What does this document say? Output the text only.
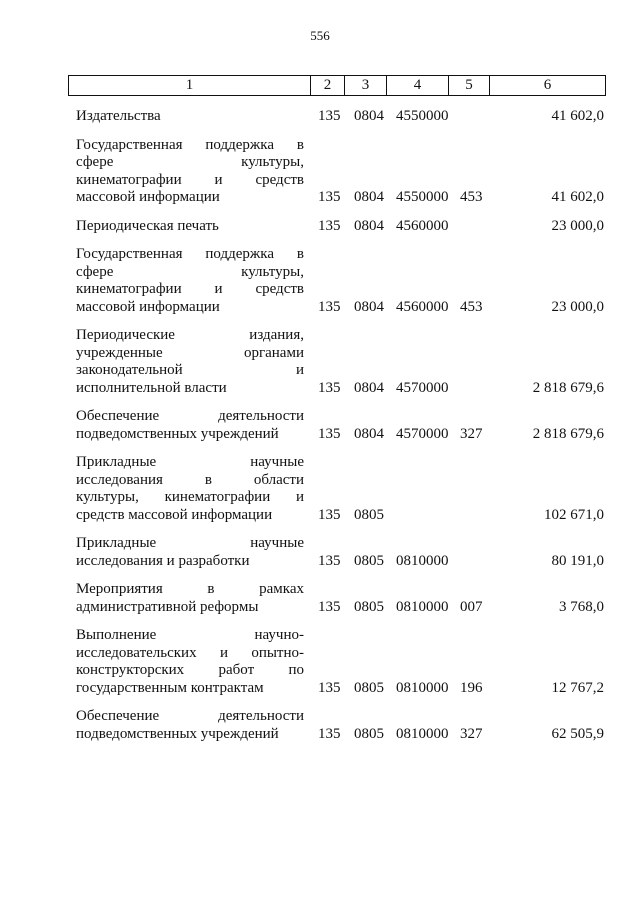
556
1	2	3	4	5	6
Издательства	135 0804 4550000	41 602,0
Государственная поддержка в
сфере культуры,
кинематографии и средств
массовой информации	135 0804 4550000 453	41 602,0
Периодическая печать	135 0804 4560000	23 000,0
Государственная поддержка в
сфере культуры,
кинематографии и средств
массовой информации	135 0804 4560000 453	23 000,0
Периодические издания,
учрежденные органами
законодательной и
исполнительной власти	135 0804 4570000	2 818 679,6
Обеспечение деятельности
подведомственных учреждений	135 0804 4570000 327	2 818 679,6
Прикладные научные
исследования в области
культуры, кинематографии и
средств массовой информации	135 0805	102 671,0
Прикладные научные
исследования и разработки	135 0805 0810000	80 191,0
Мероприятия в рамках
административной реформы	135 0805 0810000 007	3 768,0
Выполнение научно-
исследовательских и опытно-
конструкторских работ по
государственным контрактам	135 0805 0810000 196	12 767,2
Обеспечение деятельности
подведомственных учреждений	135 0805 0810000 327	62 505,9
